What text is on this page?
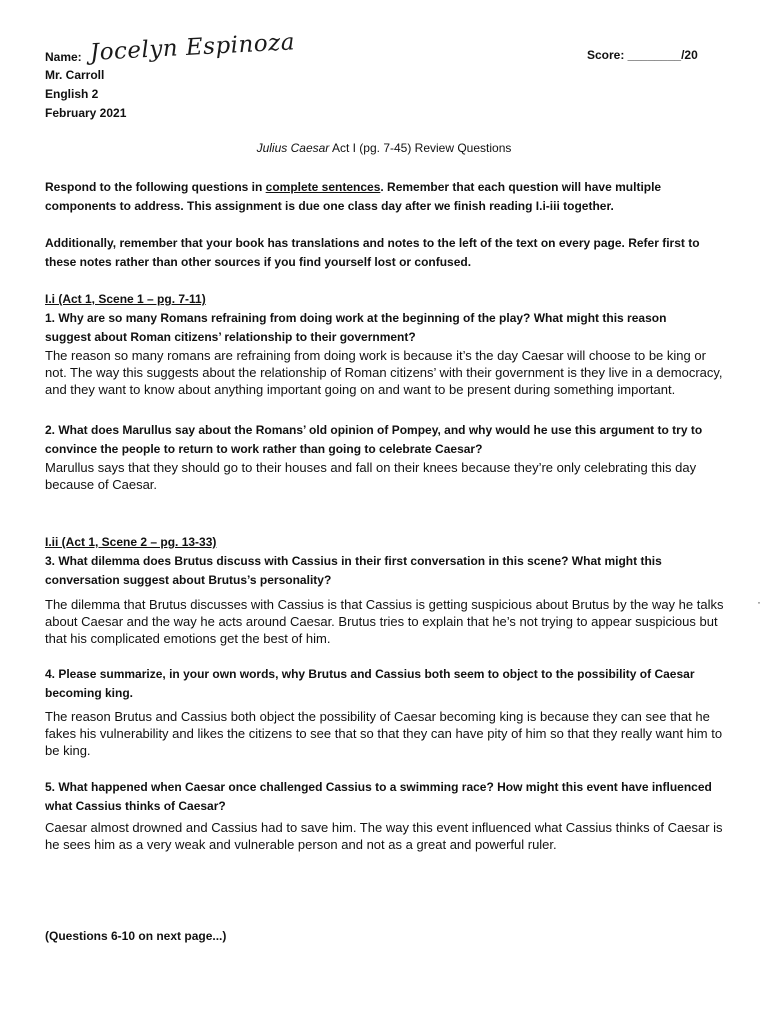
Name: Jocelyn Espinoza	Score: ________/20
Mr. Carroll
English 2
February 2021
Julius Caesar Act I (pg. 7-45) Review Questions
Respond to the following questions in complete sentences. Remember that each question will have multiple components to address. This assignment is due one class day after we finish reading I.i-iii together.
Additionally, remember that your book has translations and notes to the left of the text on every page. Refer first to these notes rather than other sources if you find yourself lost or confused.
I.i (Act 1, Scene 1 – pg. 7-11)
1. Why are so many Romans refraining from doing work at the beginning of the play? What might this reason suggest about Roman citizens’ relationship to their government?
The reason so many romans are refraining from doing work is because it’s the day Caesar will choose to be king or not. The way this suggests about the relationship of Roman citizens’ with their government is they live in a democracy, and they want to know about anything important going on and want to be present during something important.
2. What does Marullus say about the Romans’ old opinion of Pompey, and why would he use this argument to try to convince the people to return to work rather than going to celebrate Caesar?
Marullus says that they should go to their houses and fall on their knees because they’re only celebrating this day because of Caesar.
I.ii (Act 1, Scene 2 – pg. 13-33)
3. What dilemma does Brutus discuss with Cassius in their first conversation in this scene? What might this conversation suggest about Brutus’s personality?
The dilemma that Brutus discusses with Cassius is that Cassius is getting suspicious about Brutus by the way he talks about Caesar and the way he acts around Caesar. Brutus tries to explain that he’s not trying to appear suspicious but that his complicated emotions get the best of him.
4. Please summarize, in your own words, why Brutus and Cassius both seem to object to the possibility of Caesar becoming king.
The reason Brutus and Cassius both object the possibility of Caesar becoming king is because they can see that he fakes his vulnerability and likes the citizens to see that so that they can have pity of him so that they really want him to be king.
5. What happened when Caesar once challenged Cassius to a swimming race? How might this event have influenced what Cassius thinks of Caesar?
Caesar almost drowned and Cassius had to save him. The way this event influenced what Cassius thinks of Caesar is he sees him as a very weak and vulnerable person and not as a great and powerful ruler.
(Questions 6-10 on next page...)
·
